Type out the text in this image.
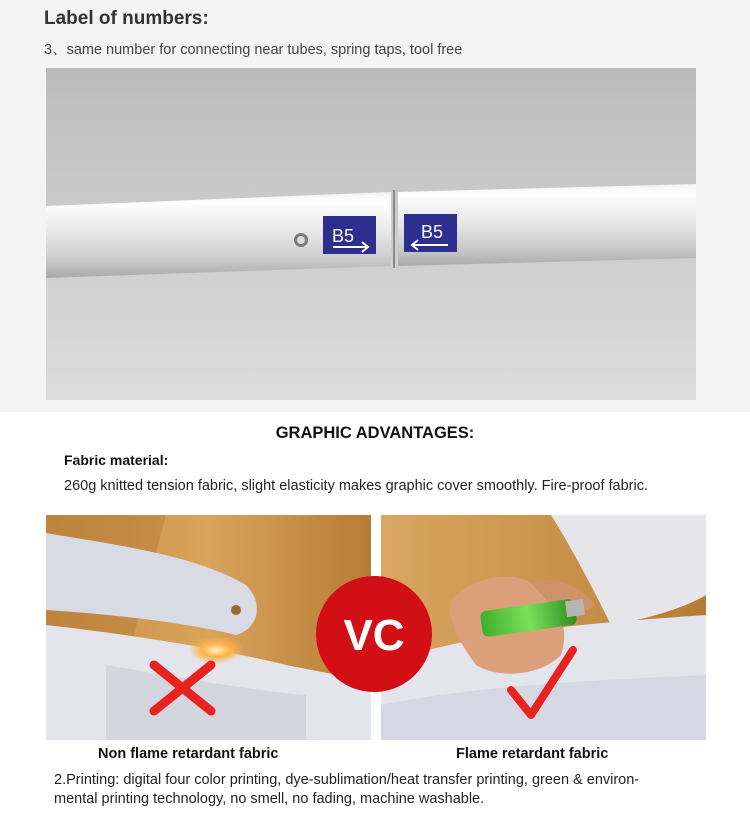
Label of numbers:
3、same number for connecting near tubes, spring taps, tool free
B5	B5
GRAPHIC ADVANTAGES:
Fabric material:
260g knitted tension fabric, slight elasticity makes graphic cover smoothly. Fire-proof fabric.
VC
Non flame retardant fabric	Flame retardant fabric
2.Printing: digital four color printing, dye-sublimation/heat transfer printing, green & environ-
mental printing technology, no smell, no fading, machine washable.
